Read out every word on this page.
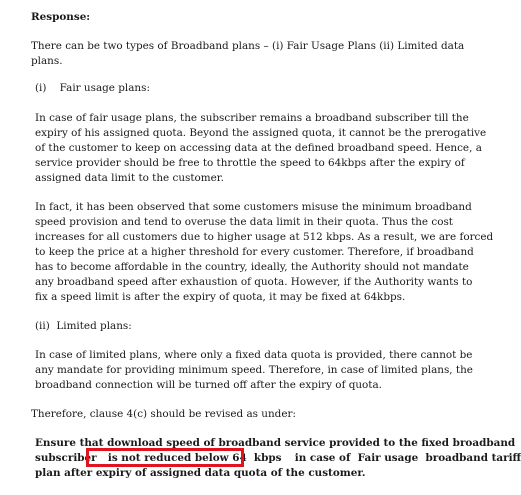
Response:
There can be two types of Broadband plans – (i) Fair Usage Plans (ii) Limited data
plans.
(i)    Fair usage plans:
In case of fair usage plans, the subscriber remains a broadband subscriber till the
expiry of his assigned quota. Beyond the assigned quota, it cannot be the prerogative
of the customer to keep on accessing data at the defined broadband speed. Hence, a
service provider should be free to throttle the speed to 64kbps after the expiry of
assigned data limit to the customer.
In fact, it has been observed that some customers misuse the minimum broadband
speed provision and tend to overuse the data limit in their quota. Thus the cost
increases for all customers due to higher usage at 512 kbps. As a result, we are forced
to keep the price at a higher threshold for every customer. Therefore, if broadband
has to become affordable in the country, ideally, the Authority should not mandate
any broadband speed after exhaustion of quota. However, if the Authority wants to
fix a speed limit is after the expiry of quota, it may be fixed at 64kbps.
(ii)  Limited plans:
In case of limited plans, where only a fixed data quota is provided, there cannot be
any mandate for providing minimum speed. Therefore, in case of limited plans, the
broadband connection will be turned off after the expiry of quota.
Therefore, clause 4(c) should be revised as under:
Ensure that download speed of broadband service provided to the fixed broadband
subscriber is not reduced below 64  kbps in case of  Fair usage  broadband tariff
plan after expiry of assigned data quota of the customer.
